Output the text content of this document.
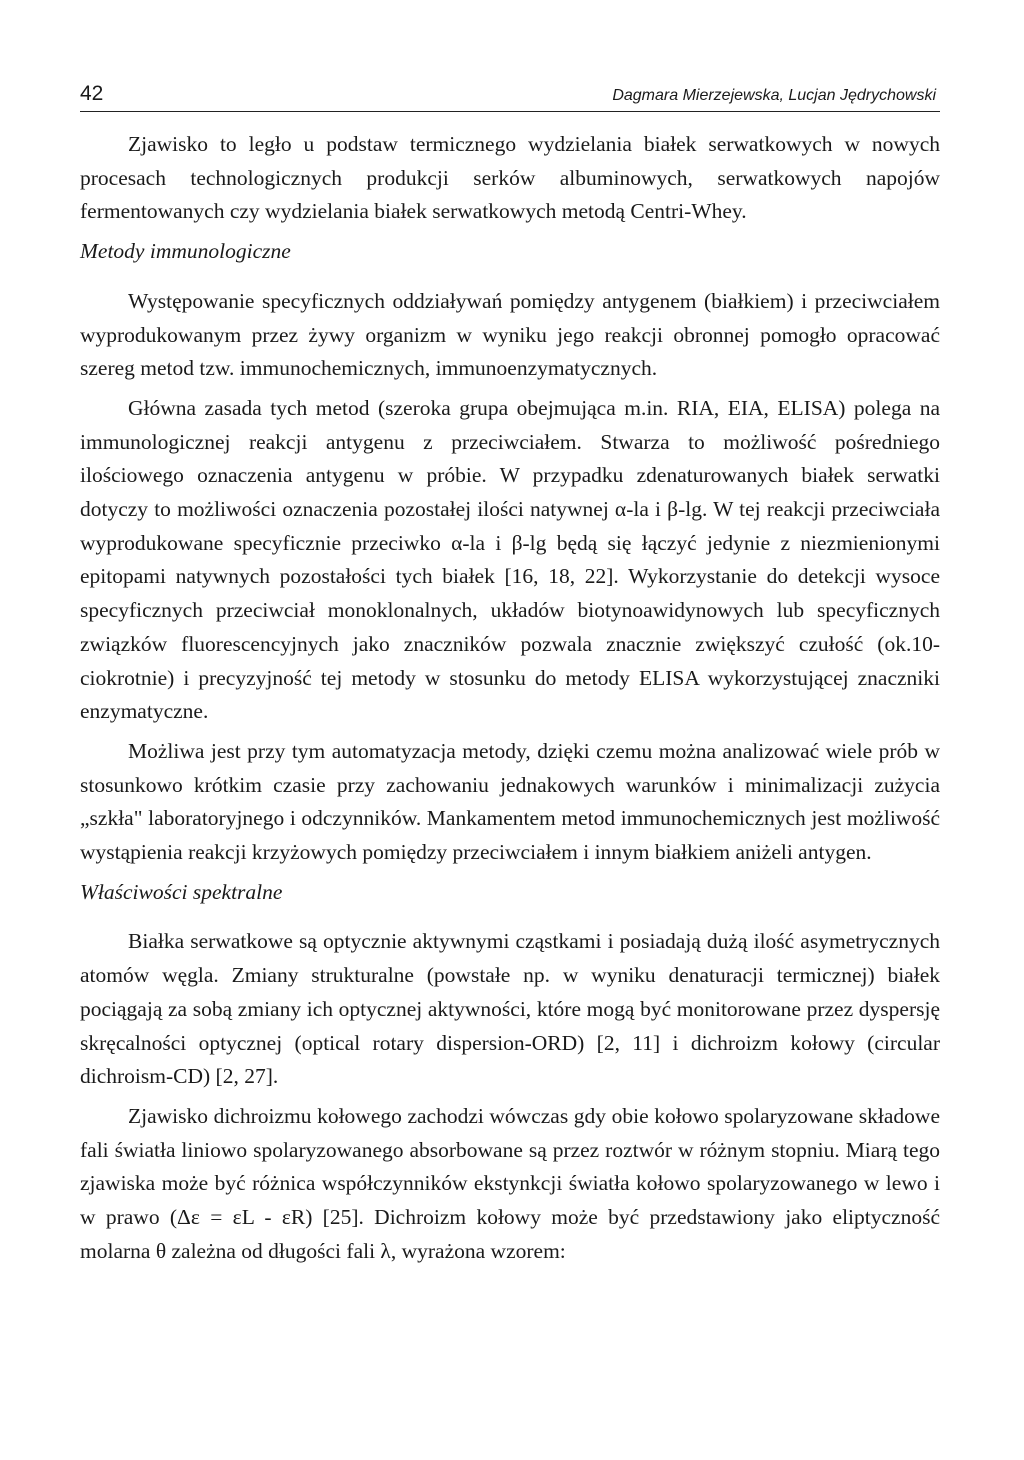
42	Dagmara Mierzejewska, Lucjan Jędrychowski

Zjawisko to legło u podstaw termicznego wydzielania białek serwatkowych w nowych procesach technologicznych produkcji serków albuminowych, serwatkowych napojów fermentowanych czy wydzielania białek serwatkowych metodą Centri-Whey.

Metody immunologiczne

Występowanie specyficznych oddziaływań pomiędzy antygenem (białkiem) i przeciwciałem wyprodukowanym przez żywy organizm w wyniku jego reakcji obronnej pomogło opracować szereg metod tzw. immunochemicznych, immunoenzymatycznych.

Główna zasada tych metod (szeroka grupa obejmująca m.in. RIA, EIA, ELISA) polega na immunologicznej reakcji antygenu z przeciwciałem. Stwarza to możliwość pośredniego ilościowego oznaczenia antygenu w próbie. W przypadku zdenaturowanych białek serwatki dotyczy to możliwości oznaczenia pozostałej ilości natywnej α-la i β-lg. W tej reakcji przeciwciała wyprodukowane specyficznie przeciwko α-la i β-lg będą się łączyć jedynie z niezmienionymi epitopami natywnych pozostałości tych białek [16, 18, 22]. Wykorzystanie do detekcji wysoce specyficznych przeciwciał monoklonalnych, układów biotynoawidynowych lub specyficznych związków fluorescencyjnych jako znaczników pozwala znacznie zwiększyć czułość (ok.10-ciokrotnie) i precyzyjność tej metody w stosunku do metody ELISA wykorzystującej znaczniki enzymatyczne.

Możliwa jest przy tym automatyzacja metody, dzięki czemu można analizować wiele prób w stosunkowo krótkim czasie przy zachowaniu jednakowych warunków i minimalizacji zużycia „szkła" laboratoryjnego i odczynników. Mankamentem metod immunochemicznych jest możliwość wystąpienia reakcji krzyżowych pomiędzy przeciwciałem i innym białkiem aniżeli antygen.

Właściwości spektralne

Białka serwatkowe są optycznie aktywnymi cząstkami i posiadają dużą ilość asymetrycznych atomów węgla. Zmiany strukturalne (powstałe np. w wyniku denaturacji termicznej) białek pociągają za sobą zmiany ich optycznej aktywności, które mogą być monitorowane przez dyspersję skręcalności optycznej (optical rotary dispersion-ORD) [2, 11] i dichroizm kołowy (circular dichroism-CD) [2, 27].

Zjawisko dichroizmu kołowego zachodzi wówczas gdy obie kołowo spolaryzowane składowe fali światła liniowo spolaryzowanego absorbowane są przez roztwór w różnym stopniu. Miarą tego zjawiska może być różnica współczynników ekstynkcji światła kołowo spolaryzowanego w lewo i w prawo (Δε = εL - εR) [25]. Dichroizm kołowy może być przedstawiony jako eliptyczność molarna θ zależna od długości fali λ, wyrażona wzorem:
